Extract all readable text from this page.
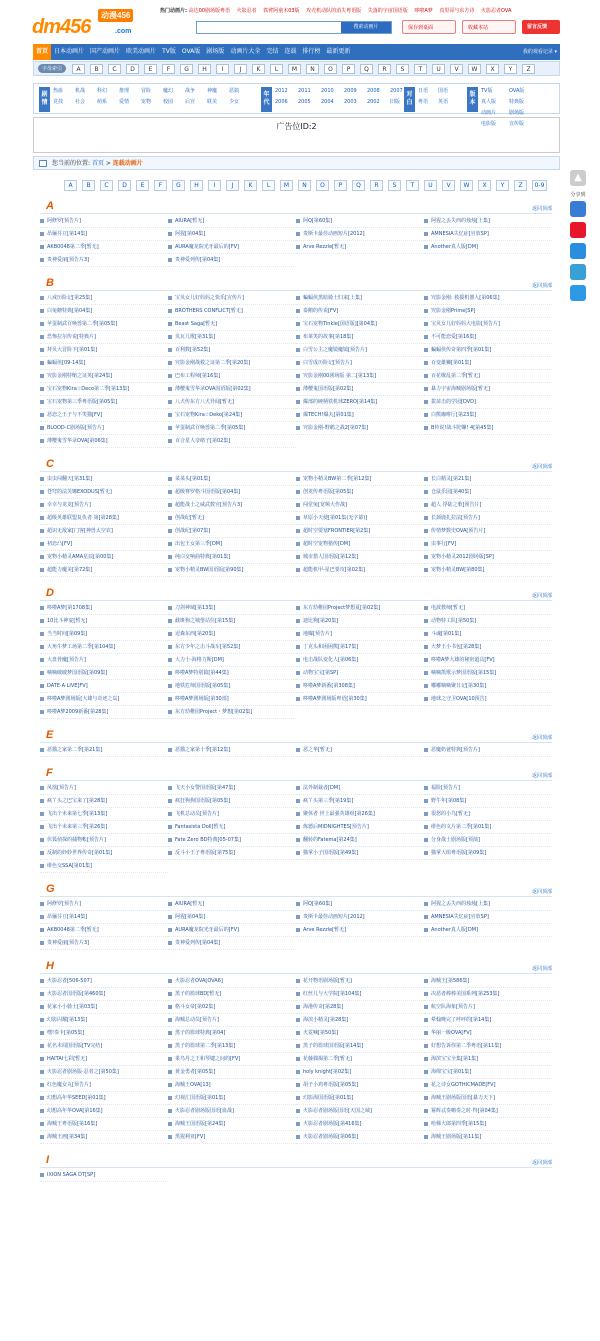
dm456
动漫456
.com
热门动画片: 高达00剧场版粤语 火影忍者 铁臂阿童木03版 攻壳机动队的消失粤语版 失落的宇宙国语版 哆啦A梦 真里哥与东方诗 火影忍者OVA
搜索动画片	保存到桌面	收藏本站	留言反馈
首页	日本动画片	国产动画片	欧美动画片	TV版	OVA版	剧场版	动画片大全	完结	连载	排行榜	最新更新	我的观看记录 ▾
字母索引	A	B	C	D	E	F	G	H	I	J	K	L	M	N	O	P	Q	R	S	T	U	V	W	X	Y	Z
剧情
热血	机战	科幻	推理	冒险	魔幻	战争	神魔	恶搞
竞技	社会	萌系	爱情	宠物	校园	后宫	耽美	少女
年代
2012	2011	2010	2009	2008	2007
2006	2005	2004	2003	2002	旧版
对白
日语	国语
粤语	英语
版本
TV版	OVA版
真人版	特典版
动画片	剧场版
电影版	宣传版
广告位ID:2
您当前的位置: 首页 > 连载动画片
A	B	C	D	E	F	G	H	I	J	K	L	M	N	O	P	Q	R	S	T	U	V	W	X	Y	Z	0-9
A	返回顶部
阿修罗[预告片]	AIURA[暂无]	阿Q[第60集]	阿猩之丢失西的烛烛[上集]
昂骊芬豆[第14集]	阿猩[第04集]	贵斯卡最佳动画短片[2012]	AMNESIA失忆症[官放SP]
AKB0048第二季[暂无]	AURA魔龙院光牙最后的[FV]	Arve Rezzle[暂无]	Another真人版[DM]
贵神爱丽[预告片3]	贵神爱列传[第04集]
B	返回顶部
八戒历险记[第25集]	宝贝女儿好妈妈之快乐[宣传片]	蝙蝠侠黑暗骑士归来[上集]	究影金刚: 救援机器人[第06集]
白兔糖特典[第04集]	BROTHERS CONFLICT[暂无]	泰鹅的传说[FV]	究影金刚Prime[SP]
苹蛋制武召唤兽第二季[第05集]	Beast Saga[暂无]	宝石宠物Tinkle[国语版][第04集]	宝贝女儿好妈妈大电影[预告片]
恐怖拉尔传说[特典片]	贝瓦儿歌[第31集]	布莱笑的故事[第18集]	不可能恋爱[第16集]
拜贝大冒险下[第01集]	百利数[第52集]	白雪公主之魔镜魔镜[预告片]	蝙蝠侠传奇第四季[第01集]
蝙蝠侠[09-14集]	究影金刚战救之证第二季[第20集]	白雪成历险记[预告片]	百变雄狮[第01集]
究影金刚特缩之证英[第24集]	巴布工程师[第16集]	究影金刚00剧场版 第二[第13集]	百花缭乱第二季[暂无]
宝石宠物Kira☆Deco第二季[第13集]	薄樱鬼雪华录OVA国语版[第02集]	薄樱鬼国语版[第02集]	暴力宇宙海贼剧场版[暂无]
宝石宠物第三季粤语版[第05集]	八犬传东方八犬异闻[暂无]	爆部的硬柄铁机球ZERO[第14集]	拔苗击的学园[DVD]
恶恋之王子与不笑猫[FV]	宝石宠物Kira☆Deko[第24集]	爆TECH!爆丸[第01集]	白熊咖啡厅[第23集]
BLOOD-C剧场版[预告片]	苹蛋制武召唤兽第二季[第05集]	究影金刚-野鹤之战2[第07集]	B传说!战斗陀螺! 4[第45集]
薄樱鬼雪华录OVA[第06集]	百合星人奈绪子[第02集]
C	返回顶部
虫虫闯翻天[第31集]	菜菜头[第01集]	宠物小精灵BW第二季[第12集]	长白精灵[第21集]
苍穹的法芙娜EXODUS[暂无]	超级赛罗格斗国语版[第04集]	创龙传粤语版[第05集]	仓鼠乐园[第40集]
幸幸与龙龙[预告片]	超能战士之威武数宫[预告片3]	闯堂兔[宽频大作战]	超人 浮陆之歌[预告片]
超级英雄联盟复仇者 第[第28集]	创战纪[暂无]	草原小天使[第01集(无字幕)]	长颈鹿扎拉法[预告片]
超识无敌家[门客[神兽太空农]	创战纪[第07集]	超时空要塞FRONTIER[第2集]	传情梦数史OVA[预告片]
初恋凸[FV]	出包王女第三季[DM]	超时空宠物猪传[DM]	虫事行[FV]
宠物小精灵AMA星辰[第00集]	纯白交响曲特典[第01集]	城市猎人国语版[第12集]	宠物小精灵2012剧场版[SP]
超能力魔美[第72集]	宠物小精灵BW国语版[第90集]	超能机甲-星巴要攻[第02集]	宠物小精灵BW[第80集]
D	返回顶部
哆啦A梦[第1708集]	刀剑神域[第13集]	东方幼稚园Project梦想夏[第02集]	电波教师[暂无]
10比斗神宴[暂无]	截斑狗之城堡站住[第15集]	迪比狗[第20集]	动物特工队[第50集]
当当时间[第09集]	逗森东西[第20集]	地曝[预告片]	斗魂[第01集]
大角牛梦工场第二季[第104集]	东方少年之击斗战车[第52集]	丁克头和困困熊[第17集]	大梦王小书包[第28集]
大盘骨魔[预告片]	大力士-海格力斯[DM]	电击战队变化人[第06集]	哆啦A梦大雄的秘密道具[FV]
嘀嘀破破梦国语版[第09集]	哆啦A梦特别篇[第44集]	动物宝宝[第SP]	嘀嘀凯歌示梦国语版[第15集]
DATE·A·LIVE[FV]	地铁危师国语版[第05集]	哆啦A梦新番[第308集]	嘟嘟嘀嘀聚日记[第30集]
哆啦A梦剧场版[大雄与奇迹之岛]	哆啦A梦剧场版[第30部]	哆啦A梦剧场版粤语[第30集]	地球之守卫OVA[10预告]
哆啦A梦2009新番[第28集]	东方幼稚园Project・梦想[第02集]
E	返回顶部
恶猫之家第二季[第21集]	恶猫之家第十季[第12集]	恶之华[暂无]	恶魔奶爸特典[预告片]
F	返回顶部
凤凰[预告片]	飞天小女警国语版[第47集]	法外制裁者[DM]	福险[预告片]
疯丫头之巴宝来了[第28集]	疯狂狗狗国语版[第05集]	疯丫头第三季[第19集]	野牛年[第08集]
飞出个未来第七季[第13集]	飞机总动员[预告片]	聚休者 世上最强英雄组[第26集]	很怒的小鸟[暂无]
飞出个未来第三季[第26集]	Fantasista Doll[暂无]	炼德后MIDNIGHTES[预告片]	绯色的文片第二季[第01集]
伏狐侦探的捕物帐[预告片]	Fate Zero BD特典[05-07集]	翻转的Fatema[第24集]	分身战士剧场版[预演]
反制的妙妙世界传奇[第01集]	反斗小王子粤语版[第75集]	猫掌小子国语版[第49集]	猫掌大组粤语版[第09集]
绯色交SSA[第01集]
G	返回顶部
阿修罗[预告片]	AIURA[暂无]	阿Q[第60集]	阿猩之丢失西的烛烛[上集]
昂骊芬豆[第14集]	阿猩[第04集]	贵斯卡最佳动画短片[2012]	AMNESIA失忆症[官放SP]
AKB0048第二季[暂无]	AURA魔龙院光牙最后的[FV]	Arve Rezzle[暂无]	Another真人版[DM]
贵神爱丽[预告片3]	贵神爱列传[第04集]
H	返回顶部
火影忍者[506-507]	火影忍者OVA[OVA6]	花开物语剧场版[暂无]	海贼王[第586集]
火影忍者国语版[第460集]	黑子的篮球BD[暂无]	红丝儿与大学院[第104集]	决恶者棒棒美国系列[第253集]
花家小小骑士[第03集]	格斗女帝[第02集]	海港传奇[第28集]	航空队海象[预告片]
幻影闪耀[第13集]	海贼总动员[预告片]	海滨小精灵[第28集]	晕翰晚完了呼呼的[第14集]
嘿!奏卡[第05集]	黑子的篮球特典[第04]	火霓喊[第50集]	华丽一级OVA[FV]
花名未闻国语版[TV完结]	黑子的篮球第二季[第13集]	黑子的篮球国语版[第14集]	好想告诉你第二季粤语[第11集]
HAITAI七彩[暂无]	果鸟丹之王和琴键之间的[FV]	花藤偶揭第二季[暂无]	海滨宝宝全集[第1集]
火影忍者剧场版·忍者之[第50集]	黄金勇者[第05集]	holy knight[第02集]	海绵宝宝[第01集]
红色魔女丸[预告片]	海贼王OVA[13]	胡子小鸡粤语版[第05集]	花之诗女GOTHICMADE[FV]
幻想高年华SEED[第01集]	幻视汇国语版[第01集]	幻影海国语版[第01集]	海贼王剧场版国语[暴力天下]
幻想高年华OVA[第16集]	火影忍者剧场版国语[血战]	火影忍者剧场版国语[天国之域]	幂辉忒奏嗨奏之时·得[第04集]
海贼王粤语版[第16集]	海贼王国语版[第24集]	火影忍者剧场版[第416集]	哈梯大郎第四季[第15集]
海贼王画[第34集]	黑猩利亚[FV]	火影忍者剧场版[第06集]	海贼王剧场版[第11集]
I	返回顶部
IXION SAGA DT[SP]
▲
分享到
